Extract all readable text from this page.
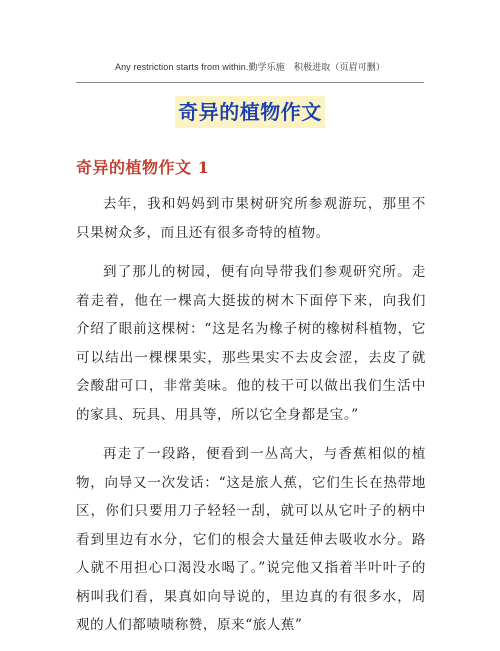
Any restriction starts from within.勤学乐施　积极进取（页眉可删）
奇异的植物作文
奇异的植物作文 1

去年，我和妈妈到市果树研究所参观游玩，那里不只果树众多，而且还有很多奇特的植物。

到了那儿的树园，便有向导带我们参观研究所。走着走着，他在一棵高大挺拔的树木下面停下来，向我们介绍了眼前这棵树：“这是名为橡子树的橡树科植物，它可以结出一棵棵果实，那些果实不去皮会涩，去皮了就会酸甜可口，非常美味。他的枝干可以做出我们生活中的家具、玩具、用具等，所以它全身都是宝。”

再走了一段路，便看到一丛高大，与香蕉相似的植物，向导又一次发话：“这是旅人蕉，它们生长在热带地区，你们只要用刀子轻轻一刮，就可以从它叶子的柄中看到里边有水分，它们的根会大量廷伸去吸收水分。路人就不用担心口渴没水喝了。”说完他又指着半叶叶子的柄叫我们看，果真如向导说的，里边真的有很多水，周观的人们都啧啧称赞，原来“旅人蕉”
